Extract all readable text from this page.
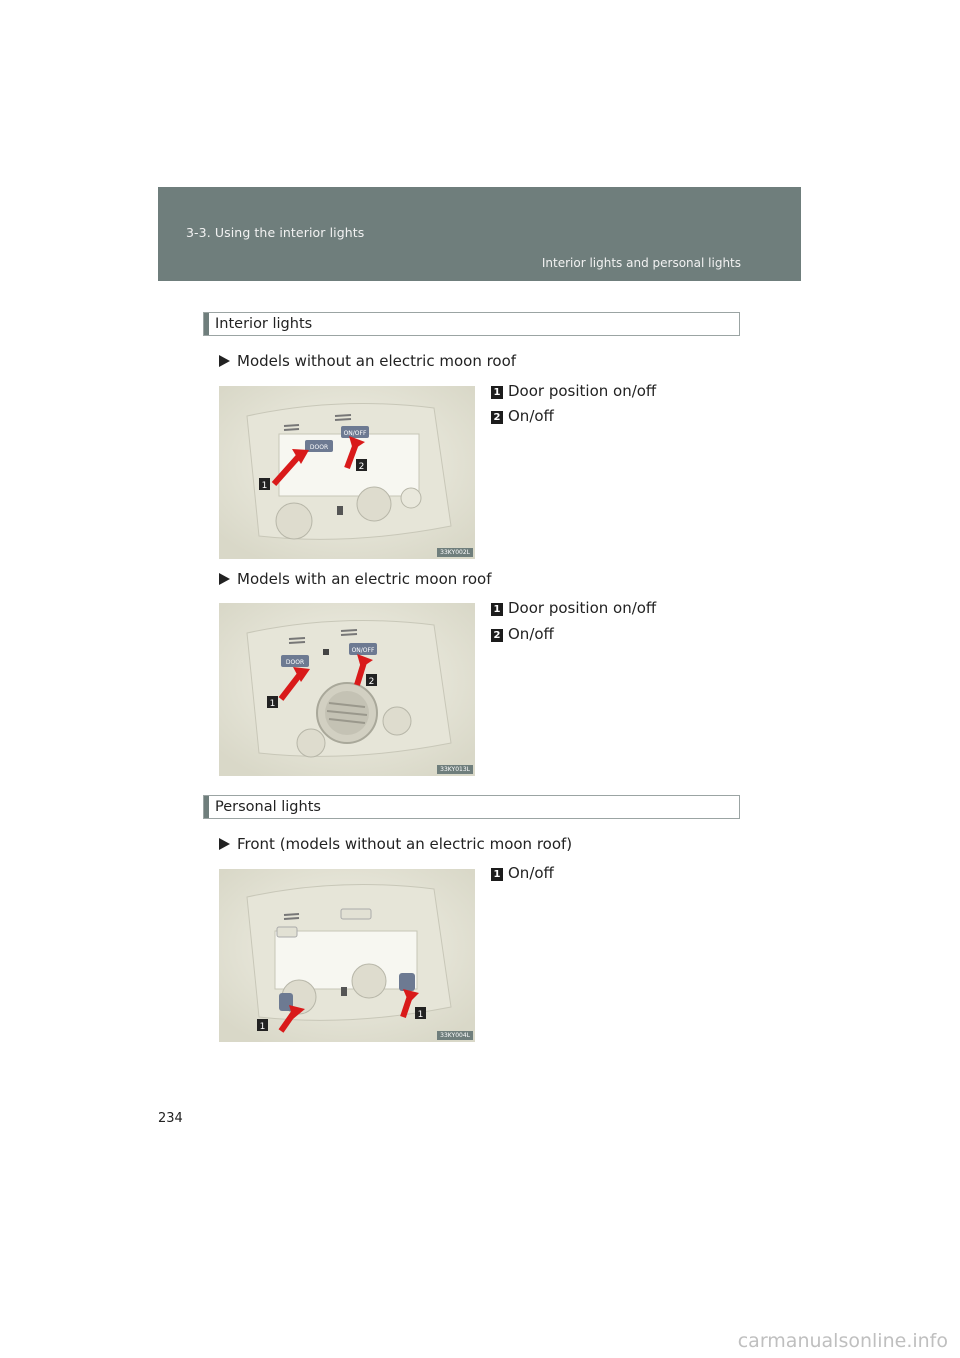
3-3. Using the interior lights
Interior lights and personal lights
Interior lights
Models without an electric moon roof
1 Door position on/off
2 On/off
DOOR
ON/OFF
1
2
33KY002L
Models with an electric moon roof
1 Door position on/off
2 On/off
DOOR
ON/OFF
1
2
33KY013L
Personal lights
Front (models without an electric moon roof)
1 On/off
1
1
33KY004L
234
carmanualsonline.info
